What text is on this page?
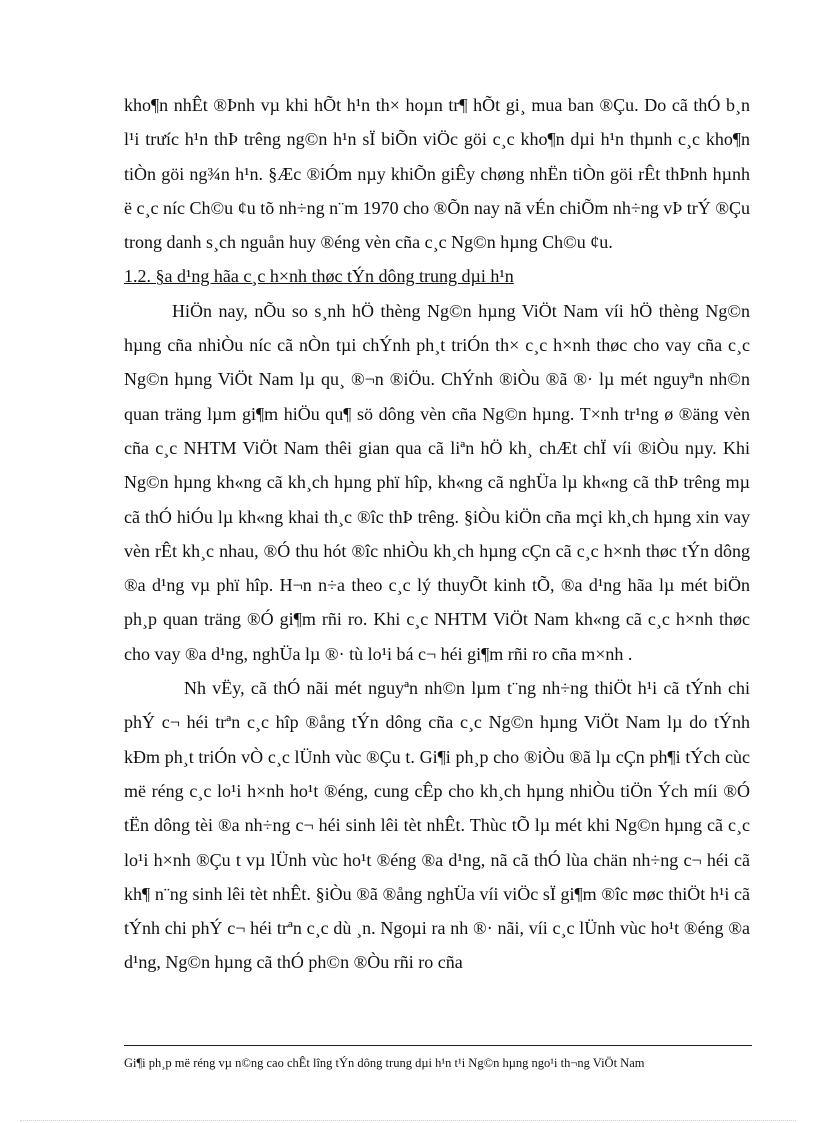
kho¶n nhÊt ®Þnh vµ khi hÕt h¹n th× hoµn tr¶ hÕt gi¸ mua ban ®Çu. Do cã thÓ b¸n l¹i trưíc h¹n thÞ trêng ng©n h¹n sÏ biÕn viÖc göi c¸c kho¶n dµi h¹n thµnh c¸c kho¶n tiÒn göi ng¾n h¹n. §Æc ®iÓm nµy khiÕn giÊy chøng nhËn tiÒn göi rÊt thÞnh hµnh ë c¸c níc Ch©u ¢u tõ nh÷ng n¨m 1970 cho ®Õn nay nã vÉn chiÕm nh÷ng vÞ trÝ ®Çu trong danh s¸ch nguån huy ®éng vèn cña c¸c Ng©n hµng Ch©u ¢u.

1.2. §a d¹ng hãa c¸c h×nh thøc tÝn dông trung dµi h¹n

HiÖn nay, nÕu so s¸nh hÖ thèng Ng©n hµng ViÖt Nam víi hÖ thèng Ng©n hµng cña nhiÒu níc cã nÒn tµi chÝnh ph¸t triÓn th× c¸c h×nh thøc cho vay cña c¸c Ng©n hµng ViÖt Nam lµ qu¸ ®¬n ®iÖu. ChÝnh ®iÒu ®ã ®· lµ mét nguyªn nh©n quan träng lµm gi¶m hiÖu qu¶ sö dông vèn cña Ng©n hµng. T×nh tr¹ng ø ®äng vèn cña c¸c NHTM ViÖt Nam thêi gian qua cã liªn hÖ kh¸ chÆt chÏ víi ®iÒu nµy. Khi Ng©n hµng kh«ng cã kh¸ch hµng phï hîp, kh«ng cã nghÜa lµ kh«ng cã thÞ trêng mµ cã thÓ hiÓu lµ kh«ng khai th¸c ®îc thÞ trêng. §iÒu kiÖn cña mçi kh¸ch hµng xin vay vèn rÊt kh¸c nhau, ®Ó thu hót ®îc nhiÒu kh¸ch hµng cÇn cã c¸c h×nh thøc tÝn dông ®a d¹ng vµ phï hîp. H¬n n÷a theo c¸c lý thuyÕt kinh tÕ, ®a d¹ng hãa lµ mét biÖn ph¸p quan träng ®Ó gi¶m rñi ro. Khi c¸c NHTM ViÖt Nam kh«ng cã c¸c h×nh thøc cho vay ®a d¹ng, nghÜa lµ ®· tù lo¹i bá c¬ héi gi¶m rñi ro cña m×nh .

Nh vËy, cã thÓ nãi mét nguyªn nh©n lµm t¨ng nh÷ng thiÖt h¹i cã tÝnh chi phÝ c¬ héi trªn c¸c hîp ®ång tÝn dông cña c¸c Ng©n hµng ViÖt Nam lµ do tÝnh kÐm ph¸t triÓn vÒ c¸c lÜnh vùc ®Çu t. Gi¶i ph¸p cho ®iÒu ®ã lµ cÇn ph¶i tÝch cùc më réng c¸c lo¹i h×nh ho¹t ®éng, cung cÊp cho kh¸ch hµng nhiÒu tiÖn Ých míi ®Ó tËn dông tèi ®a nh÷ng c¬ héi sinh lêi tèt nhÊt. Thùc tÕ lµ mét khi Ng©n hµng cã c¸c lo¹i h×nh ®Çu t vµ lÜnh vùc ho¹t ®éng ®a d¹ng, nã cã thÓ lùa chän nh÷ng c¬ héi cã kh¶ n¨ng sinh lêi tèt nhÊt. §iÒu ®ã ®ång nghÜa víi viÖc sÏ gi¶m ®îc møc thiÖt h¹i cã tÝnh chi phÝ c¬ héi trªn c¸c dù ¸n. Ngoµi ra nh ®· nãi, víi c¸c lÜnh vùc ho¹t ®éng ®a d¹ng, Ng©n hµng cã thÓ ph©n ®Òu rñi ro cña

Gi¶i ph¸p më réng vµ n©ng cao chÊt lîng tÝn dông trung dµi h¹n t¹i Ng©n hµng ngo¹i th¬ng ViÖt Nam
